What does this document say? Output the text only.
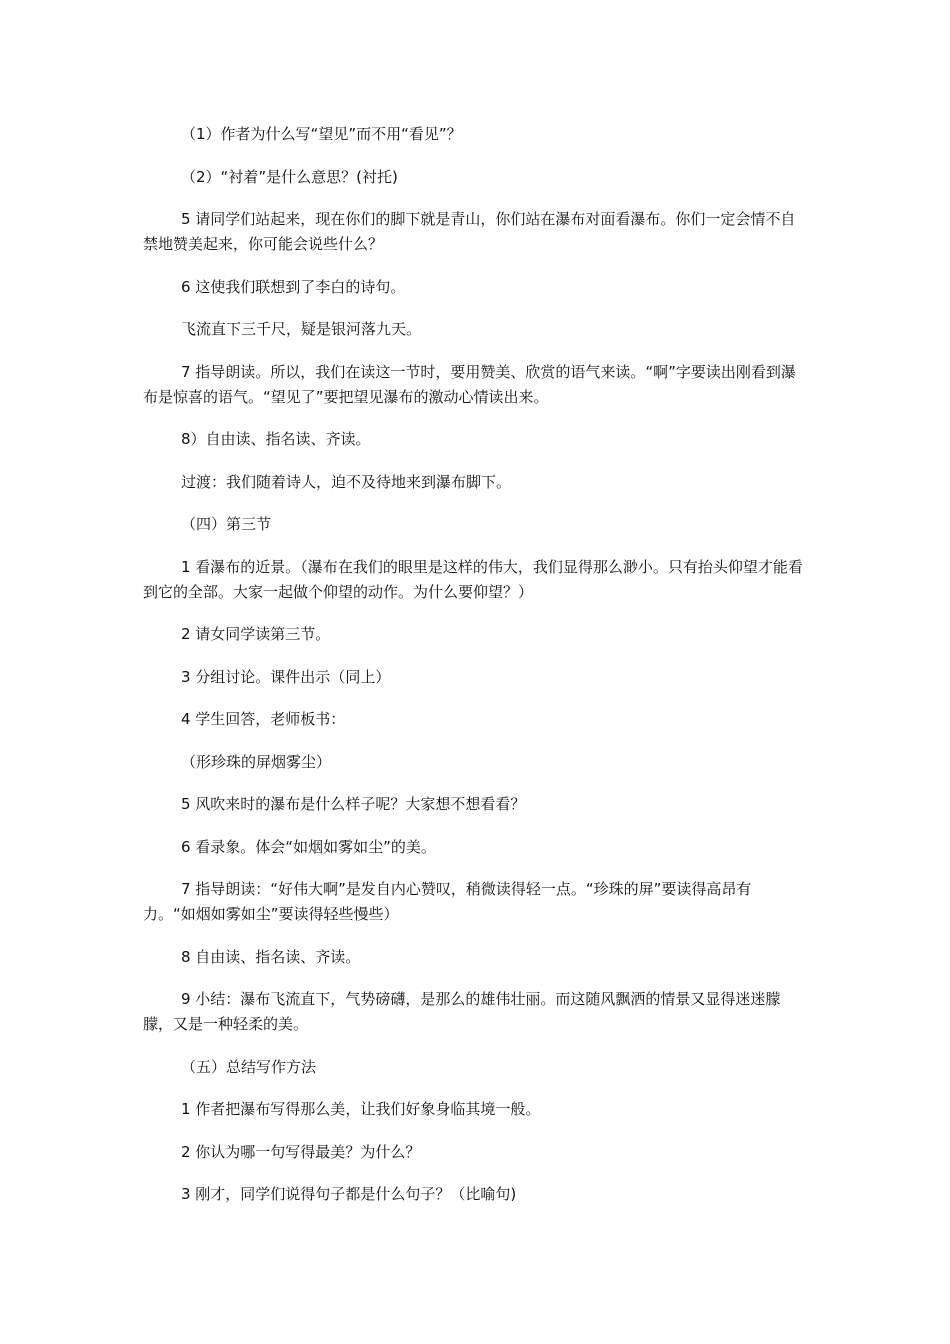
（1）作者为什么写“望见”而不用“看见”？

（2）“衬着”是什么意思？(衬托)

5 请同学们站起来，现在你们的脚下就是青山，你们站在瀑布对面看瀑布。你们一定会情不自禁地赞美起来，你可能会说些什么？

6 这使我们联想到了李白的诗句。

飞流直下三千尺，疑是银河落九天。

7 指导朗读。所以，我们在读这一节时，要用赞美、欣赏的语气来读。“啊”字要读出刚看到瀑布是惊喜的语气。“望见了”要把望见瀑布的激动心情读出来。

8）自由读、指名读、齐读。

过渡：我们随着诗人，迫不及待地来到瀑布脚下。

（四）第三节

1 看瀑布的近景。（瀑布在我们的眼里是这样的伟大，我们显得那么渺小。只有抬头仰望才能看到它的全部。大家一起做个仰望的动作。为什么要仰望？）

2 请女同学读第三节。

3 分组讨论。课件出示（同上）

4 学生回答，老师板书：

（形珍珠的屏烟雾尘）

5 风吹来时的瀑布是什么样子呢？大家想不想看看？

6 看录象。体会“如烟如雾如尘”的美。

7 指导朗读：“好伟大啊”是发自内心赞叹，稍微读得轻一点。“珍珠的屏”要读得高昂有力。“如烟如雾如尘”要读得轻些慢些）

8 自由读、指名读、齐读。

9 小结：瀑布飞流直下，气势磅礴，是那么的雄伟壮丽。而这随风飘洒的情景又显得迷迷朦朦，又是一种轻柔的美。

（五）总结写作方法

1 作者把瀑布写得那么美，让我们好象身临其境一般。

2 你认为哪一句写得最美？为什么？

3 刚才，同学们说得句子都是什么句子？（比喻句)
